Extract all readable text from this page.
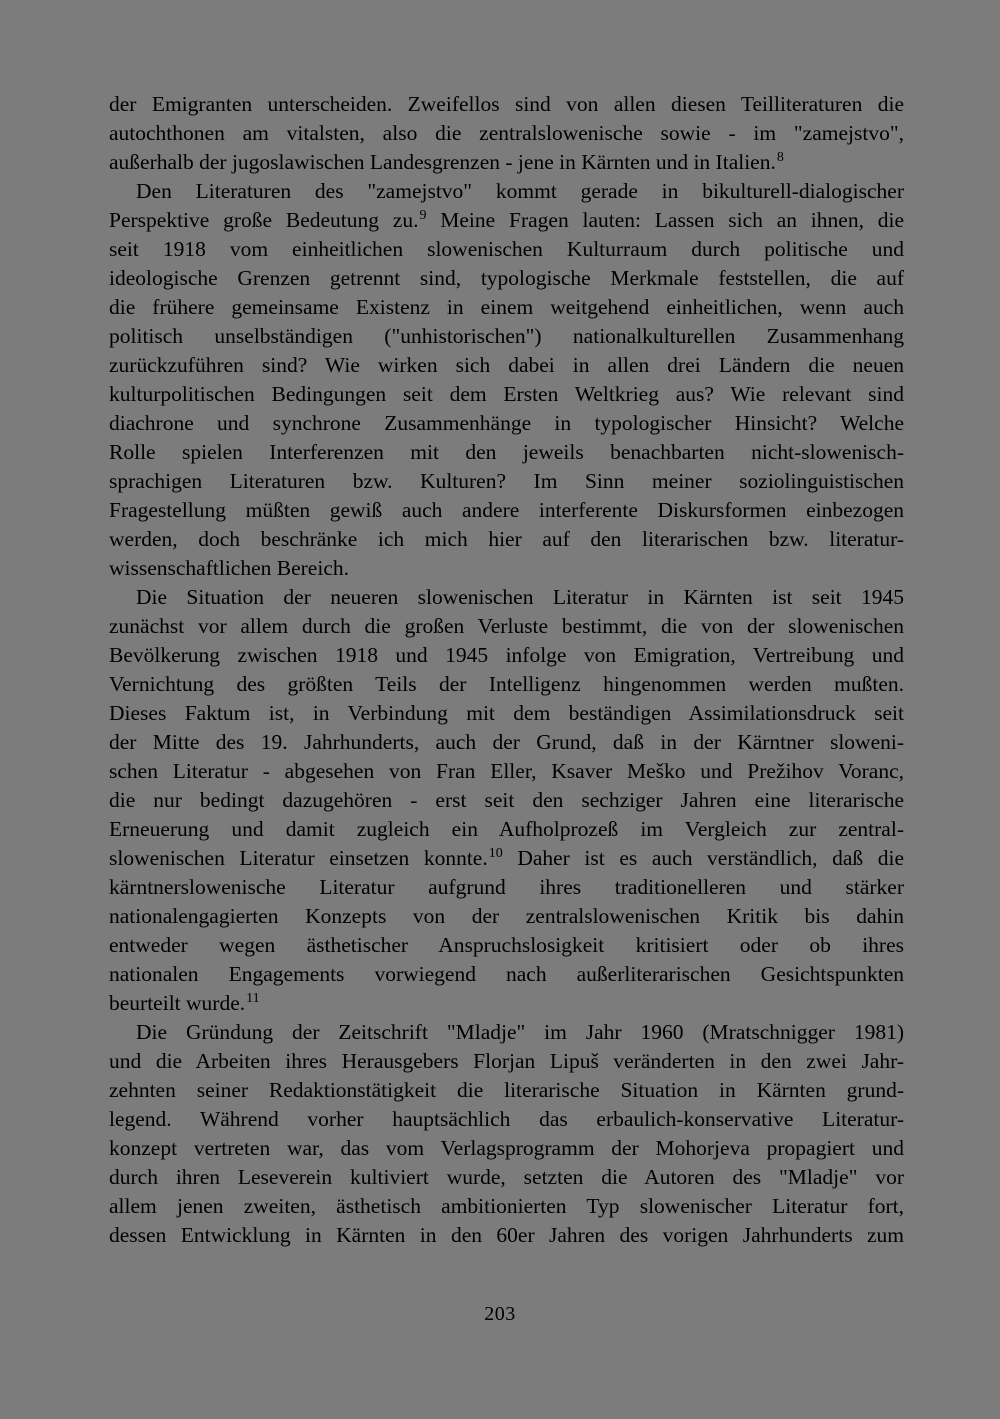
der Emigranten unterscheiden. Zweifellos sind von allen diesen Teilliteraturen die
autochthonen am vitalsten, also die zentralslowenische sowie - im "zamejstvo",
außerhalb der jugoslawischen Landesgrenzen - jene in Kärnten und in Italien.$^8$
Den Literaturen des "zamejstvo" kommt gerade in bikulturell-dialogischer
Perspektive große Bedeutung zu.$^9$ Meine Fragen lauten: Lassen sich an ihnen, die
seit 1918 vom einheitlichen slowenischen Kulturraum durch politische und
ideologische Grenzen getrennt sind, typologische Merkmale feststellen, die auf
die frühere gemeinsame Existenz in einem weitgehend einheitlichen, wenn auch
politisch unselbständigen ("unhistorischen") nationalkulturellen Zusammenhang
zurückzuführen sind? Wie wirken sich dabei in allen drei Ländern die neuen
kulturpolitischen Bedingungen seit dem Ersten Weltkrieg aus? Wie relevant sind
diachrone und synchrone Zusammenhänge in typologischer Hinsicht? Welche
Rolle spielen Interferenzen mit den jeweils benachbarten nicht-slowenisch-
sprachigen Literaturen bzw. Kulturen? Im Sinn meiner soziolinguistischen
Fragestellung müßten gewiß auch andere interferente Diskursformen einbezogen
werden, doch beschränke ich mich hier auf den literarischen bzw. literatur-
wissenschaftlichen Bereich.
Die Situation der neueren slowenischen Literatur in Kärnten ist seit 1945
zunächst vor allem durch die großen Verluste bestimmt, die von der slowenischen
Bevölkerung zwischen 1918 und 1945 infolge von Emigration, Vertreibung und
Vernichtung des größten Teils der Intelligenz hingenommen werden mußten.
Dieses Faktum ist, in Verbindung mit dem beständigen Assimilationsdruck seit
der Mitte des 19. Jahrhunderts, auch der Grund, daß in der Kärntner sloweni-
schen Literatur - abgesehen von Fran Eller, Ksaver Meško und Prežihov Voranc,
die nur bedingt dazugehören - erst seit den sechziger Jahren eine literarische
Erneuerung und damit zugleich ein Aufholprozeß im Vergleich zur zentral-
slowenischen Literatur einsetzen konnte.$^{10}$ Daher ist es auch verständlich, daß die
kärntnerslowenische Literatur aufgrund ihres traditionelleren und stärker
nationalengagierten Konzepts von der zentralslowenischen Kritik bis dahin
entweder wegen ästhetischer Anspruchslosigkeit kritisiert oder ob ihres
nationalen Engagements vorwiegend nach außerliterarischen Gesichtspunkten
beurteilt wurde.$^{11}$
Die Gründung der Zeitschrift "Mladje" im Jahr 1960 (Mratschnigger 1981)
und die Arbeiten ihres Herausgebers Florjan Lipuš veränderten in den zwei Jahr-
zehnten seiner Redaktionstätigkeit die literarische Situation in Kärnten grund-
legend. Während vorher hauptsächlich das erbaulich-konservative Literatur-
konzept vertreten war, das vom Verlagsprogramm der Mohorjeva propagiert und
durch ihren Leseverein kultiviert wurde, setzten die Autoren des "Mladje" vor
allem jenen zweiten, ästhetisch ambitionierten Typ slowenischer Literatur fort,
dessen Entwicklung in Kärnten in den 60er Jahren des vorigen Jahrhunderts zum
203
